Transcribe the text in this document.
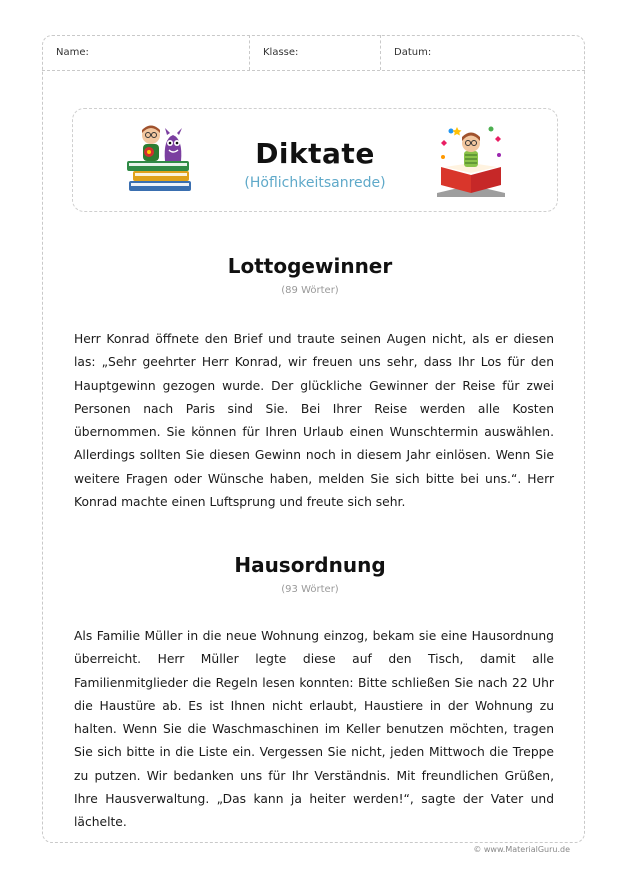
Name:	Klasse:	Datum:
Diktate
(Höflichkeitsanrede)
Lottogewinner
(89 Wörter)
Herr Konrad öffnete den Brief und traute seinen Augen nicht, als er diesen las: „Sehr geehrter Herr Konrad, wir freuen uns sehr, dass Ihr Los für den Hauptgewinn gezogen wurde. Der glückliche Gewinner der Reise für zwei Personen nach Paris sind Sie. Bei Ihrer Reise werden alle Kosten übernommen. Sie können für Ihren Urlaub einen Wunschtermin auswählen. Allerdings sollten Sie diesen Gewinn noch in diesem Jahr einlösen. Wenn Sie weitere Fragen oder Wünsche haben, melden Sie sich bitte bei uns.“. Herr Konrad machte einen Luftsprung und freute sich sehr.
Hausordnung
(93 Wörter)
Als Familie Müller in die neue Wohnung einzog, bekam sie eine Hausordnung überreicht. Herr Müller legte diese auf den Tisch, damit alle Familienmitglieder die Regeln lesen konnten: Bitte schließen Sie nach 22 Uhr die Haustüre ab. Es ist Ihnen nicht erlaubt, Haustiere in der Wohnung zu halten. Wenn Sie die Waschmaschinen im Keller benutzen möchten, tragen Sie sich bitte in die Liste ein. Vergessen Sie nicht, jeden Mittwoch die Treppe zu putzen. Wir bedanken uns für Ihr Verständnis. Mit freundlichen Grüßen, Ihre Hausverwaltung. „Das kann ja heiter werden!“, sagte der Vater und lächelte.
© www.MaterialGuru.de
